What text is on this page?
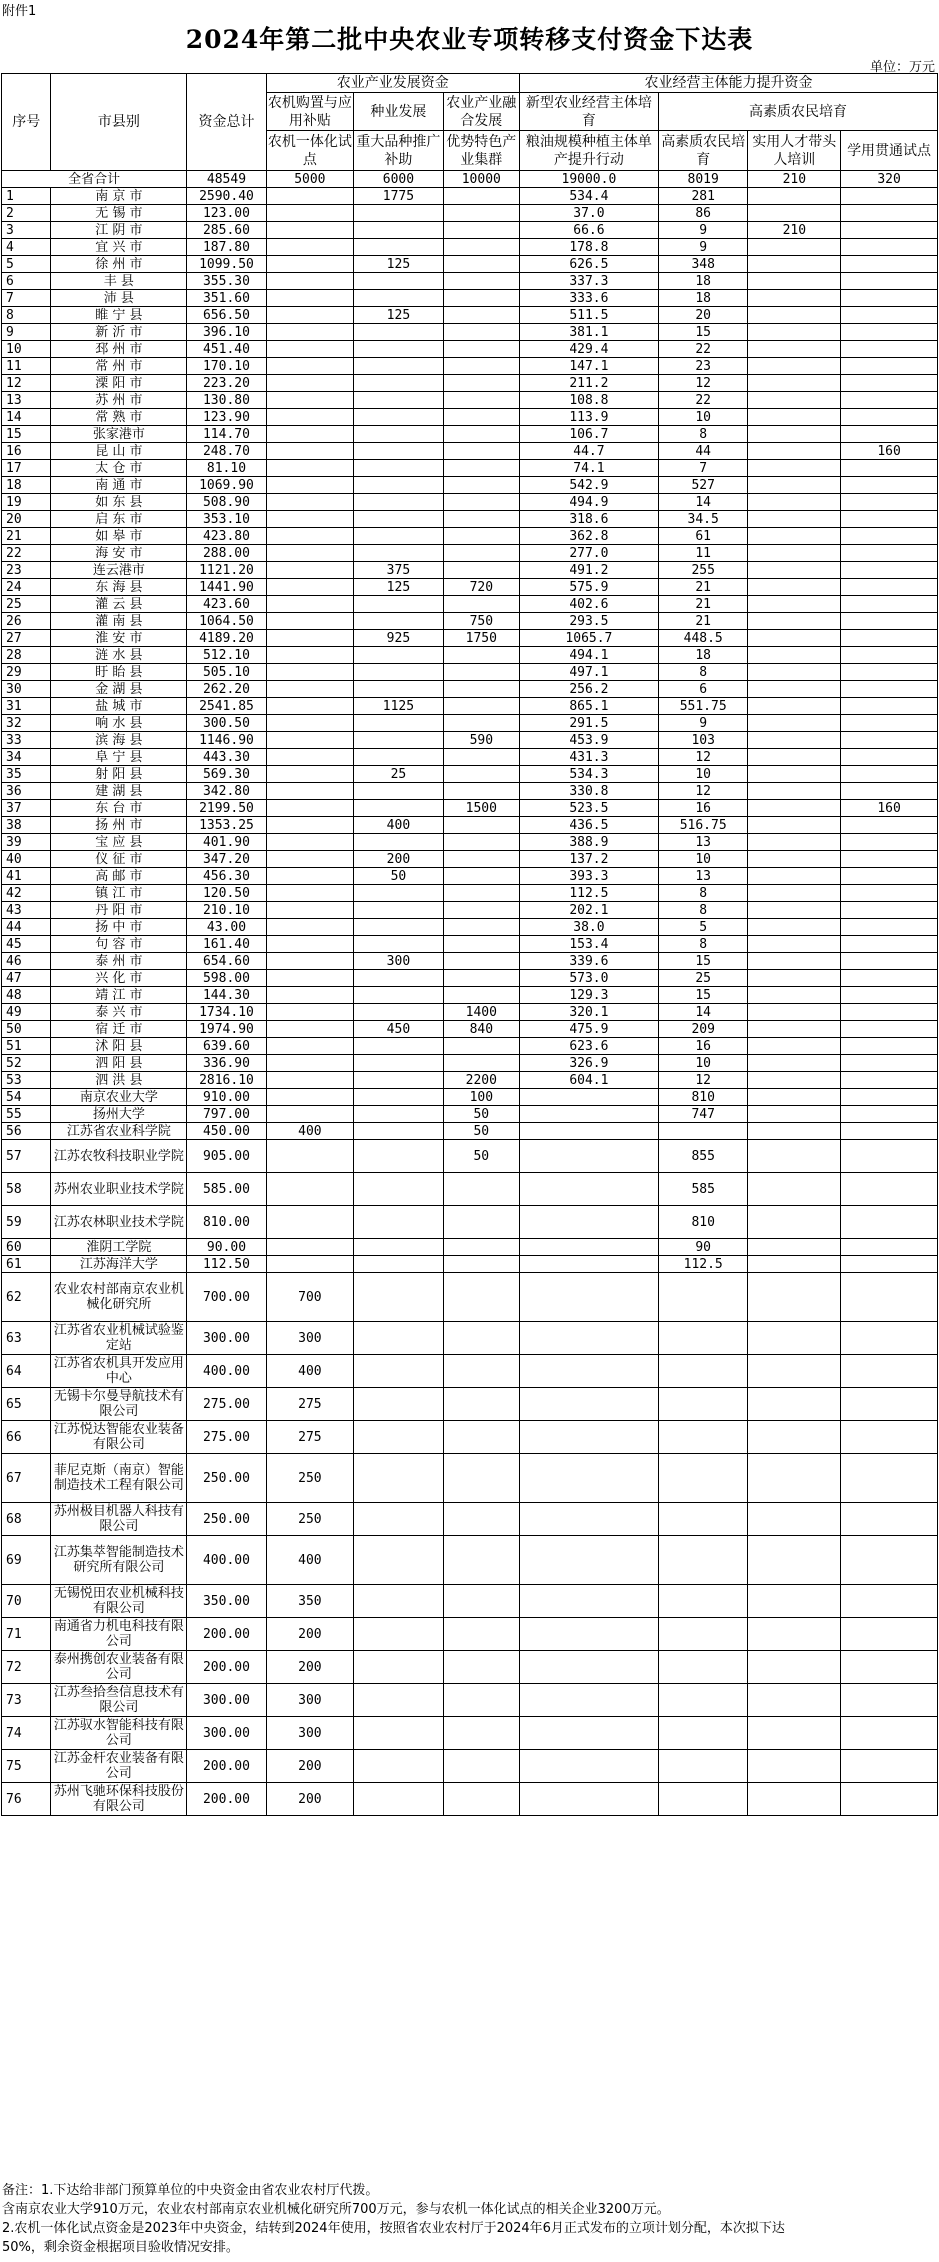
附件1
2024年第二批中央农业专项转移支付资金下达表
单位：万元
序号	市县别	资金总计	农业产业发展资金			农业经营主体能力提升资金			
			农机购置与应用补贴	种业发展	农业产业融合发展	新型农业经营主体培育	高素质农民培育		

			农机一体化试点	重大品种推广补助	优势特色产业集群	粮油规模种植主体单产提升行动	高素质农民培育	实用人才带头人培训	学用贯通试点
全省合计		48549	5000	6000	10000	19000.0	8019	210	320
1	南 京 市	2590.40		1775		534.4	281		
2	无 锡 市	123.00				37.0	86		
3	江 阴 市	285.60				66.6	9	210	
4	宜 兴 市	187.80				178.8	9		
5	徐 州 市	1099.50		125		626.5	348		
6	丰 县	355.30				337.3	18		
7	沛 县	351.60				333.6	18		
8	睢 宁 县	656.50		125		511.5	20		
9	新 沂 市	396.10				381.1	15		
10	邳 州 市	451.40				429.4	22		
11	常 州 市	170.10				147.1	23		
12	溧 阳 市	223.20				211.2	12		
13	苏 州 市	130.80				108.8	22		
14	常 熟 市	123.90				113.9	10		
15	张家港市	114.70				106.7	8		
16	昆 山 市	248.70				44.7	44		160
17	太 仓 市	81.10				74.1	7		
18	南 通 市	1069.90				542.9	527		
19	如 东 县	508.90				494.9	14		
20	启 东 市	353.10				318.6	34.5		
21	如 皋 市	423.80				362.8	61		
22	海 安 市	288.00				277.0	11		
23	连云港市	1121.20		375		491.2	255		
24	东 海 县	1441.90		125	720	575.9	21		
25	灌 云 县	423.60				402.6	21		
26	灌 南 县	1064.50			750	293.5	21		
27	淮 安 市	4189.20		925	1750	1065.7	448.5		
28	涟 水 县	512.10				494.1	18		
29	盱 眙 县	505.10				497.1	8		
30	金 湖 县	262.20				256.2	6		
31	盐 城 市	2541.85		1125		865.1	551.75		
32	响 水 县	300.50				291.5	9		
33	滨 海 县	1146.90			590	453.9	103		
34	阜 宁 县	443.30				431.3	12		
35	射 阳 县	569.30		25		534.3	10		
36	建 湖 县	342.80				330.8	12		
37	东 台 市	2199.50			1500	523.5	16		160
38	扬 州 市	1353.25		400		436.5	516.75		
39	宝 应 县	401.90				388.9	13		
40	仪 征 市	347.20		200		137.2	10		
41	高 邮 市	456.30		50		393.3	13		
42	镇 江 市	120.50				112.5	8		
43	丹 阳 市	210.10				202.1	8		
44	扬 中 市	43.00				38.0	5		
45	句 容 市	161.40				153.4	8		
46	泰 州 市	654.60		300		339.6	15		
47	兴 化 市	598.00				573.0	25		
48	靖 江 市	144.30				129.3	15		
49	泰 兴 市	1734.10			1400	320.1	14		
50	宿 迁 市	1974.90		450	840	475.9	209		
51	沭 阳 县	639.60				623.6	16		
52	泗 阳 县	336.90				326.9	10		
53	泗 洪 县	2816.10			2200	604.1	12		
54	南京农业大学	910.00			100		810		
55	扬州大学	797.00			50		747		
56	江苏省农业科学院	450.00	400		50				
57	江苏农牧科技职业学院	905.00			50		855		
58	苏州农业职业技术学院	585.00					585		
59	江苏农林职业技术学院	810.00					810		
60	淮阴工学院	90.00					90		
61	江苏海洋大学	112.50					112.5		
62	农业农村部南京农业机械化研究所	700.00	700						
63	江苏省农业机械试验鉴定站	300.00	300						
64	江苏省农机具开发应用中心	400.00	400						
65	无锡卡尔曼导航技术有限公司	275.00	275						
66	江苏悦达智能农业装备有限公司	275.00	275						
67	菲尼克斯（南京）智能制造技术工程有限公司	250.00	250						
68	苏州极目机器人科技有限公司	250.00	250						
69	江苏集萃智能制造技术研究所有限公司	400.00	400						
70	无锡悦田农业机械科技有限公司	350.00	350						
71	南通省力机电科技有限公司	200.00	200						
72	泰州携创农业装备有限公司	200.00	200						
73	江苏叁拾叁信息技术有限公司	300.00	300						
74	江苏驭水智能科技有限公司	300.00	300						
75	江苏金杆农业装备有限公司	200.00	200						
76	苏州飞驰环保科技股份有限公司	200.00	200						
备注：1.下达给非部门预算单位的中央资金由省农业农村厅代拨。
含南京农业大学910万元，农业农村部南京农业机械化研究所700万元，参与农机一体化试点的相关企业3200万元。
2.农机一体化试点资金是2023年中央资金，结转到2024年使用，按照省农业农村厅于2024年6月正式发布的立项计划分配，本次拟下达
50%，剩余资金根据项目验收情况安排。
